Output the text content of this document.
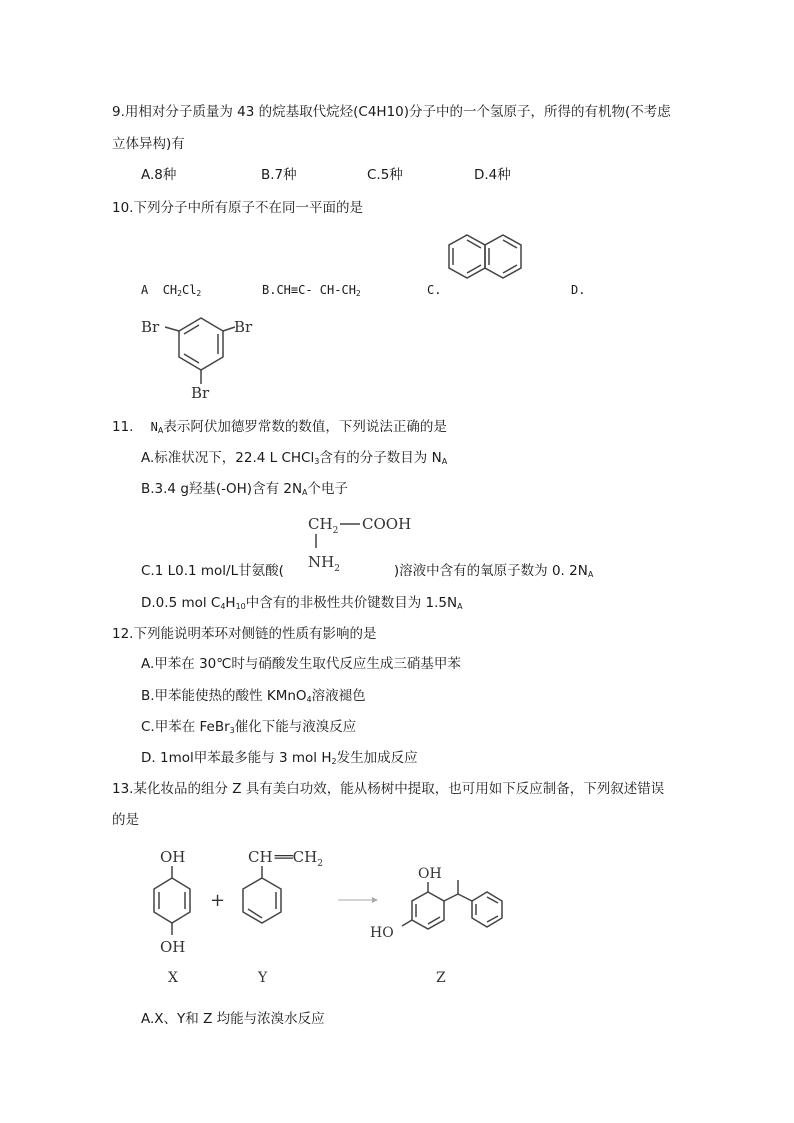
9.用相对分子质量为 43 的烷基取代烷烃(C4H10)分子中的一个氢原子，所得的有机物(不考虑
立体异构)有
A.8种	B.7种	C.5种	D.4种
10.下列分子中所有原子不在同一平面的是
A $CH_2Cl_2$	B.CH≡C- $CH-CH_2$	C.	D.
Br	Br
Br
11. $N_A$表示阿伏加德罗常数的数值，下列说法正确的是
A.标准状况下，22.4 L CHCl$_3$含有的分子数目为 $N_A$
B.3.4 g羟基(-OH)含有 $2N_A$个电子
$CH_2$ COOH
$NH_2$
C.1 L0.1 mol/L甘氨酸(	)溶液中含有的氧原子数为 0. $2N_A$
D.0.5 mol $C_4H_{10}$中含有的非极性共价键数目为 $1.5N_A$
12.下列能说明苯环对侧链的性质有影响的是
A.甲苯在 30℃时与硝酸发生取代反应生成三硝基甲苯
B.甲苯能使热的酸性 KMnO$_4$溶液褪色
C.甲苯在 FeBr$_3$催化下能与液溴反应
D. 1mol甲苯最多能与 3 mol $H_2$发生加成反应
13.某化妆品的组分 Z 具有美白功效，能从杨树中提取，也可用如下反应制备，下列叙述错误
的是
OH
OH
X
+
CH $══CH_2$
Y
OH
HO
Z
A.X、Y和 Z 均能与浓溴水反应
